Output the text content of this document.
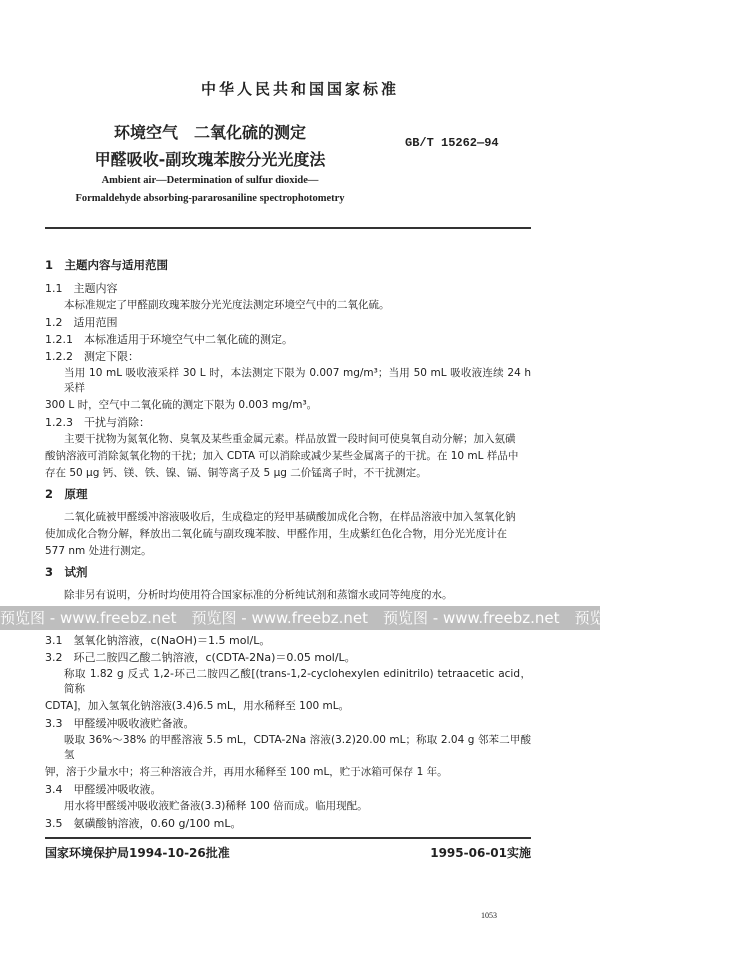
中华人民共和国国家标准
环境空气　二氧化硫的测定
甲醛吸收-副玫瑰苯胺分光光度法
GB/T 15262—94
Ambient air—Determination of sulfur dioxide—
Formaldehyde absorbing-pararosaniline spectrophotometry
1　主题内容与适用范围
1.1　主题内容
本标准规定了甲醛副玫瑰苯胺分光光度法测定环境空气中的二氧化硫。
1.2　适用范围
1.2.1　本标准适用于环境空气中二氧化硫的测定。
1.2.2　测定下限：
当用 10 mL 吸收液采样 30 L 时，本法测定下限为 0.007 mg/m³；当用 50 mL 吸收液连续 24 h 采样
300 L 时，空气中二氧化硫的测定下限为 0.003 mg/m³。
1.2.3　干扰与消除：
主要干扰物为氮氧化物、臭氧及某些重金属元素。样品放置一段时间可使臭氧自动分解；加入氨磺
酸钠溶液可消除氮氧化物的干扰；加入 CDTA 可以消除或减少某些金属离子的干扰。在 10 mL 样品中
存在 50 μg 钙、镁、铁、镍、镉、铜等离子及 5 μg 二价锰离子时，不干扰测定。
2　原理
二氧化硫被甲醛缓冲溶液吸收后，生成稳定的羟甲基磺酸加成化合物，在样品溶液中加入氢氧化钠
使加成化合物分解，释放出二氧化硫与副玫瑰苯胺、甲醛作用，生成紫红色化合物，用分光光度计在
577 nm 处进行测定。
3　试剂
除非另有说明，分析时均使用符合国家标准的分析纯试剂和蒸馏水或同等纯度的水。
预览图 - www.freebz.net　预览图 - www.freebz.net　预览图 - www.freebz.net　预览图 - www.freebz.net
3.1　氢氧化钠溶液，c(NaOH)＝1.5 mol/L。
3.2　环己二胺四乙酸二钠溶液，c(CDTA-2Na)＝0.05 mol/L。
称取 1.82 g 反式 1,2-环己二胺四乙酸[(trans-1,2-cyclohexylen edinitrilo) tetraacetic acid，简称
CDTA]，加入氢氧化钠溶液(3.4)6.5 mL，用水稀释至 100 mL。
3.3　甲醛缓冲吸收液贮备液。
吸取 36%～38% 的甲醛溶液 5.5 mL，CDTA-2Na 溶液(3.2)20.00 mL；称取 2.04 g 邻苯二甲酸氢
钾，溶于少量水中；将三种溶液合并，再用水稀释至 100 mL，贮于冰箱可保存 1 年。
3.4　甲醛缓冲吸收液。
用水将甲醛缓冲吸收液贮备液(3.3)稀释 100 倍而成。临用现配。
3.5　氨磺酸钠溶液，0.60 g/100 mL。
国家环境保护局1994-10-26批准	1995-06-01实施
1053
